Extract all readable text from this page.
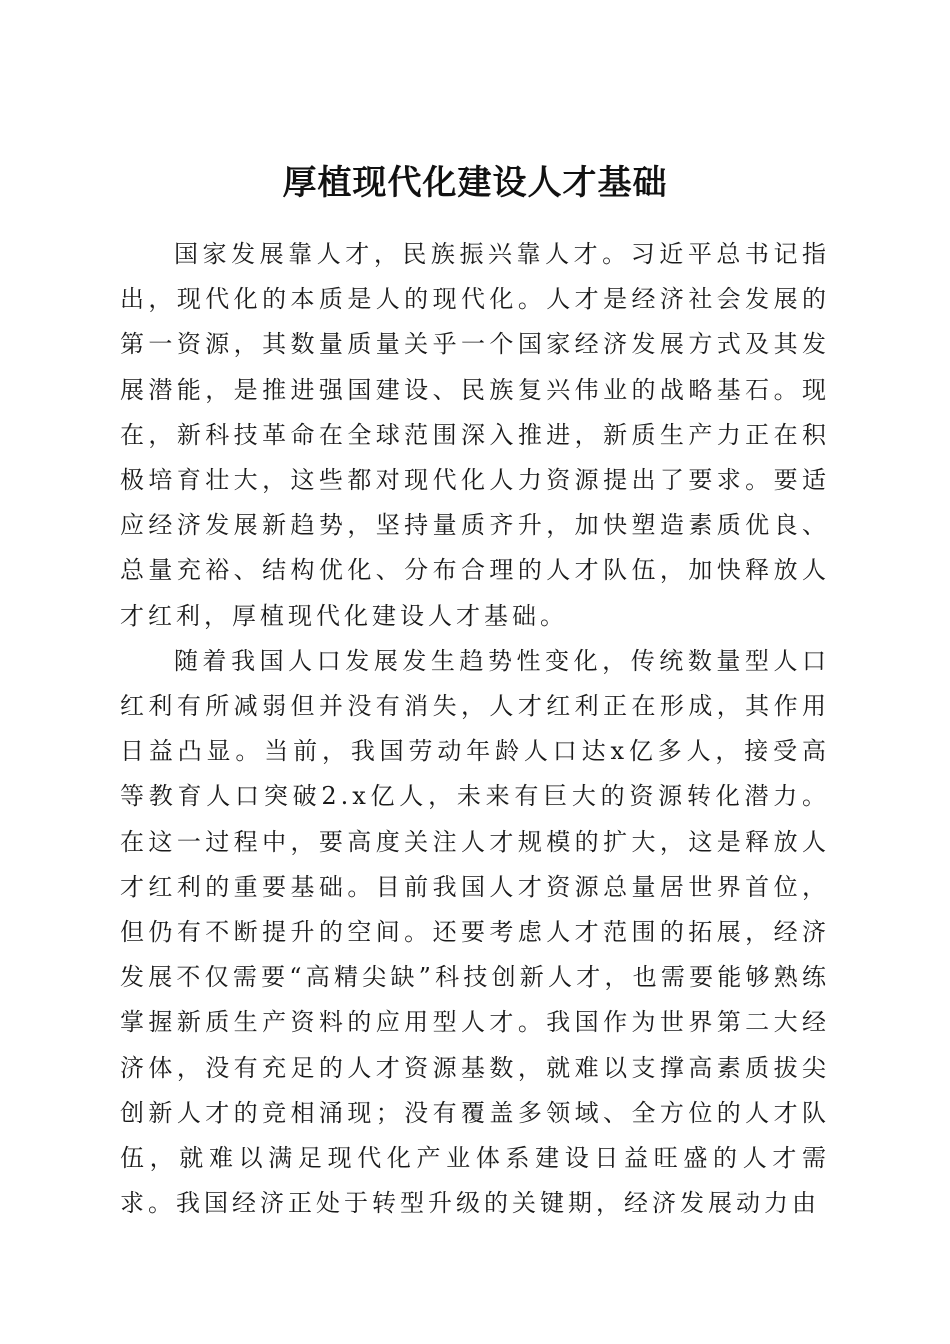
厚植现代化建设人才基础

国家发展靠人才，民族振兴靠人才。习近平总书记指出，现代化的本质是人的现代化。人才是经济社会发展的第一资源，其数量质量关乎一个国家经济发展方式及其发展潜能，是推进强国建设、民族复兴伟业的战略基石。现在，新科技革命在全球范围深入推进，新质生产力正在积极培育壮大，这些都对现代化人力资源提出了要求。要适应经济发展新趋势，坚持量质齐升，加快塑造素质优良、总量充裕、结构优化、分布合理的人才队伍，加快释放人才红利，厚植现代化建设人才基础。

随着我国人口发展发生趋势性变化，传统数量型人口红利有所减弱但并没有消失，人才红利正在形成，其作用日益凸显。当前，我国劳动年龄人口达x亿多人，接受高等教育人口突破2.x亿人，未来有巨大的资源转化潜力。在这一过程中，要高度关注人才规模的扩大，这是释放人才红利的重要基础。目前我国人才资源总量居世界首位，但仍有不断提升的空间。还要考虑人才范围的拓展，经济发展不仅需要“高精尖缺”科技创新人才，也需要能够熟练掌握新质生产资料的应用型人才。我国作为世界第二大经济体，没有充足的人才资源基数，就难以支撑高素质拔尖创新人才的竞相涌现；没有覆盖多领域、全方位的人才队伍，就难以满足现代化产业体系建设日益旺盛的人才需求。我国经济正处于转型升级的关键期，经济发展动力由
